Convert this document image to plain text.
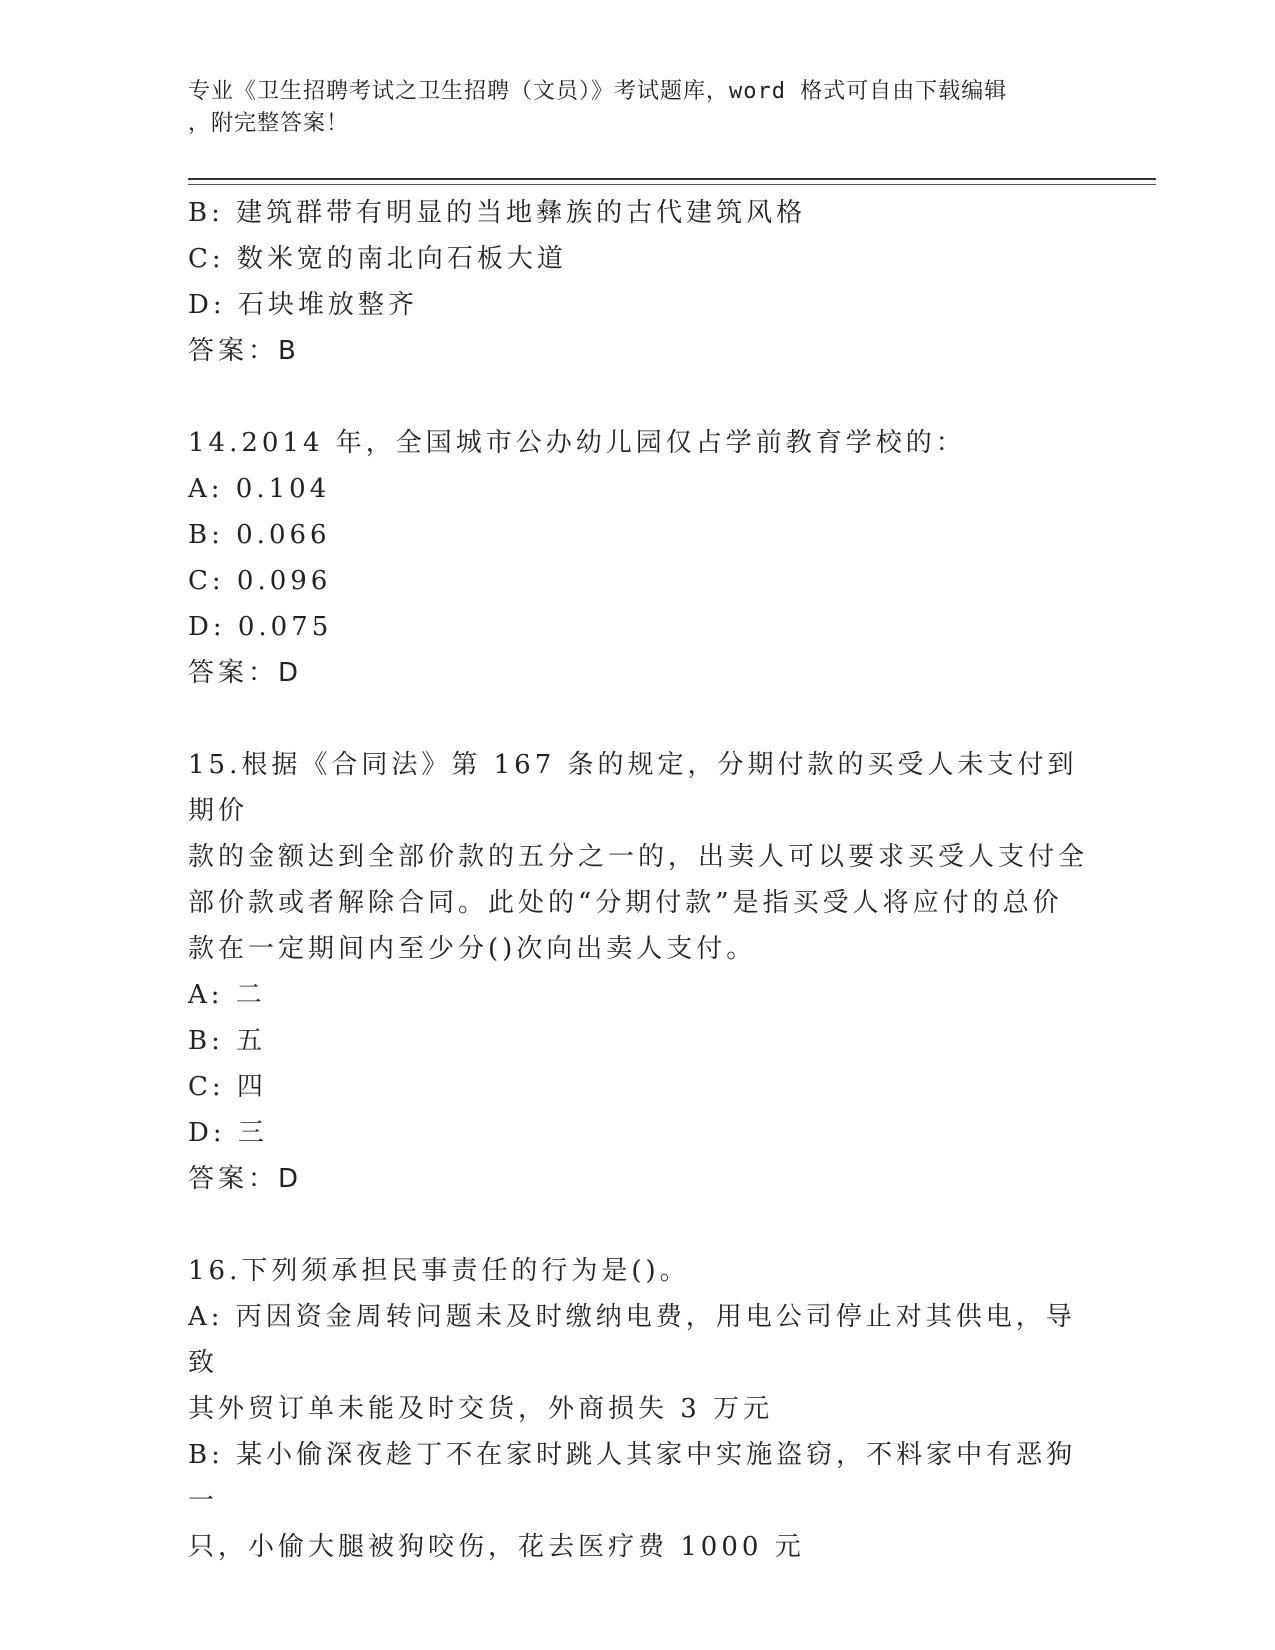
专业《卫生招聘考试之卫生招聘（文员）》考试题库，word 格式可自由下载编辑
，附完整答案！
B: 建筑群带有明显的当地彝族的古代建筑风格
C: 数米宽的南北向石板大道
D: 石块堆放整齐
答案：B
14.2014 年，全国城市公办幼儿园仅占学前教育学校的：
A: 0.104
B: 0.066
C: 0.096
D: 0.075
答案：D
15.根据《合同法》第 167 条的规定，分期付款的买受人未支付到期价
款的金额达到全部价款的五分之一的，出卖人可以要求买受人支付全
部价款或者解除合同。此处的“分期付款”是指买受人将应付的总价
款在一定期间内至少分()次向出卖人支付。
A: 二
B: 五
C: 四
D: 三
答案：D
16.下列须承担民事责任的行为是()。
A: 丙因资金周转问题未及时缴纳电费，用电公司停止对其供电，导致
其外贸订单未能及时交货，外商损失 3 万元
B: 某小偷深夜趁丁不在家时跳人其家中实施盗窃，不料家中有恶狗一
只，小偷大腿被狗咬伤，花去医疗费 1000 元
